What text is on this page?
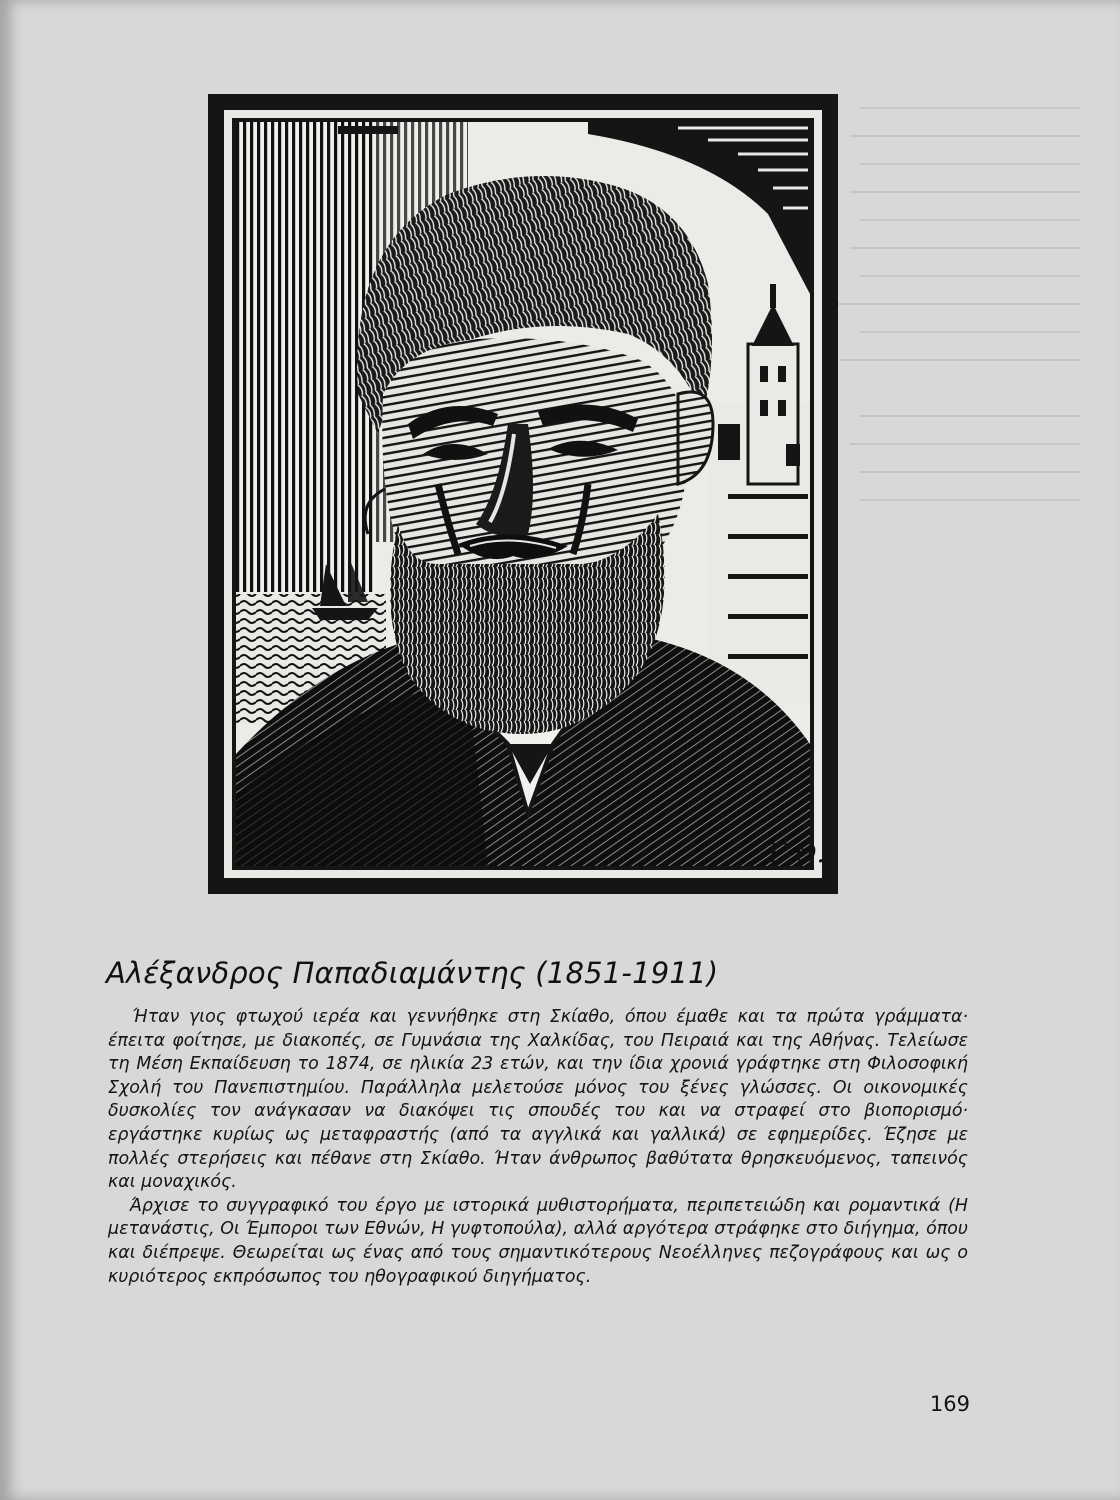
Ε.Θ.
Αλέξανδρος Παπαδιαμάντης (1851-1911)

Ήταν γιος φτωχού ιερέα και γεννήθηκε στη Σκίαθο, όπου έμαθε και τα πρώτα γράμματα· έπειτα φοίτησε, με διακοπές, σε Γυμνάσια της Χαλκίδας, του Πειραιά και της Αθήνας. Τελείωσε τη Μέση Εκπαίδευση το 1874, σε ηλικία 23 ετών, και την ίδια χρονιά γράφτηκε στη Φιλοσοφική Σχολή του Πανεπιστημίου. Παράλληλα μελετούσε μόνος του ξένες γλώσσες. Οι οικονομικές δυσκολίες τον ανάγκασαν να διακόψει τις σπουδές του και να στραφεί στο βιοπορισμό· εργάστηκε κυρίως ως μεταφραστής (από τα αγγλικά και γαλλικά) σε εφημερίδες. Έζησε με πολλές στερήσεις και πέθανε στη Σκίαθο. Ήταν άνθρωπος βαθύτατα θρησκευόμενος, ταπεινός και μοναχικός.

Άρχισε το συγγραφικό του έργο με ιστορικά μυθιστορήματα, περιπετειώδη και ρομαντικά (Η μετανάστις, Οι Έμποροι των Εθνών, Η γυφτοπούλα), αλλά αργότερα στράφηκε στο διήγημα, όπου και διέπρεψε. Θεωρείται ως ένας από τους σημαντικότερους Νεοέλληνες πεζογράφους και ως ο κυριότερος εκπρόσωπος του ηθογραφικού διηγήματος.

169
